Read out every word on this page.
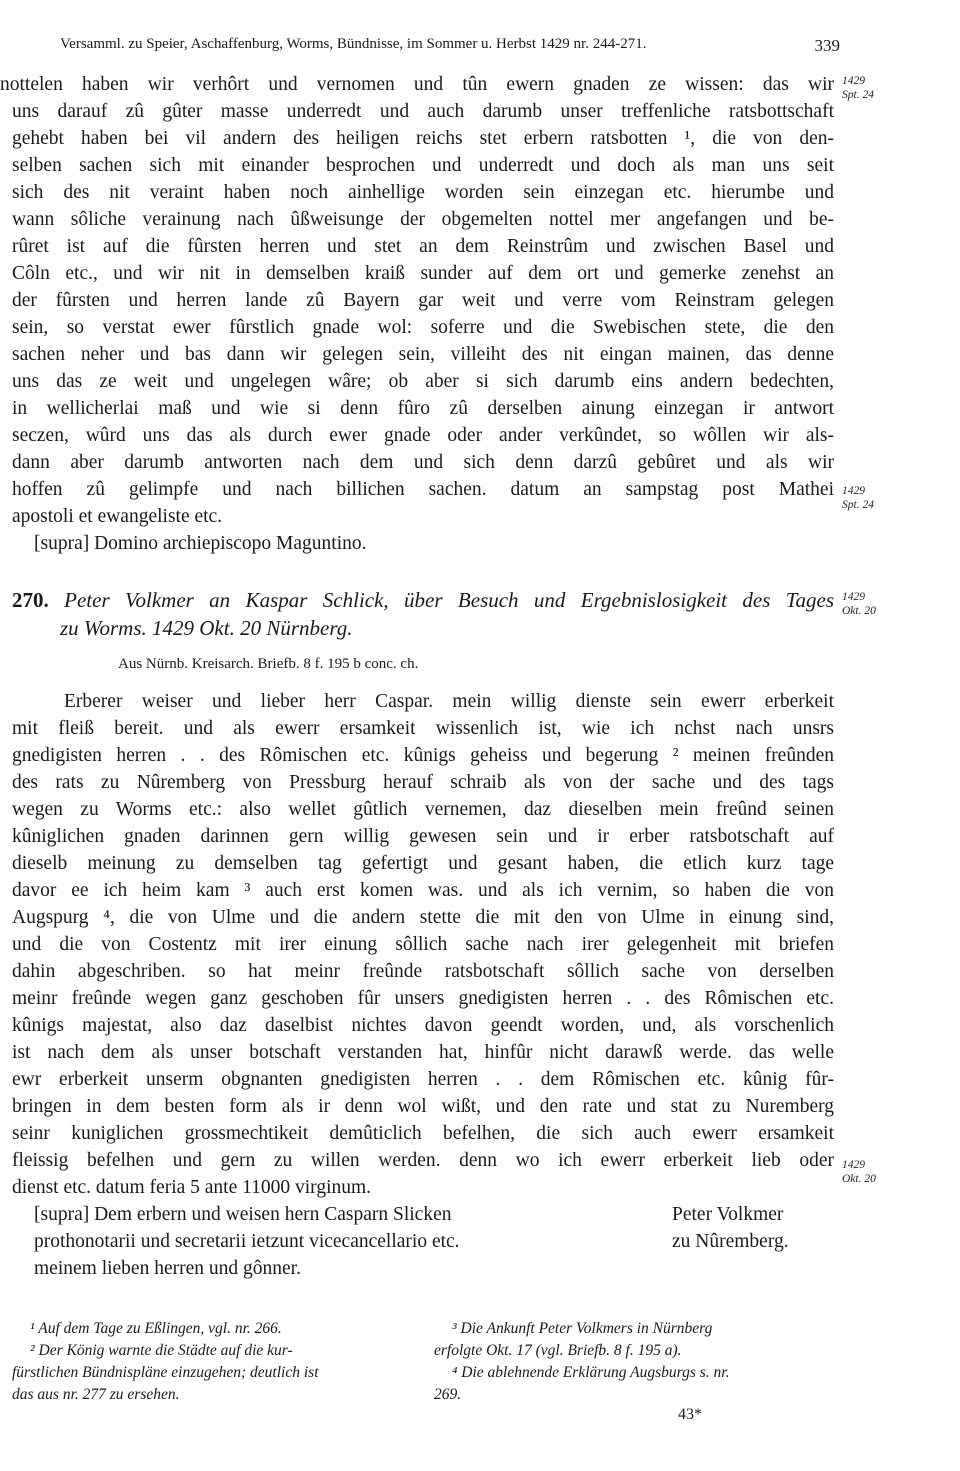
Versamml. zu Speier, Aschaffenburg, Worms, Bündnisse, im Sommer u. Herbst 1429 nr. 244-271.	339
nottelen haben wir verhôrt und vernomen und tûn ewern gnaden ze wissen: das wir
uns darauf zû gûter masse underredt und auch darumb unser treffenliche ratsbottschaft
gehebt haben bei vil andern des heiligen reichs stet erbern ratsbotten ¹, die von den-
selben sachen sich mit einander besprochen und underredt und doch als man uns seit
sich des nit veraint haben noch ainhellige worden sein einzegan etc. hierumbe und
wann sôliche verainung nach ûßweisunge der obgemelten nottel mer angefangen und be-
rûret ist auf die fûrsten herren und stet an dem Reinstrûm und zwischen Basel und
Côln etc., und wir nit in demselben kraiß sunder auf dem ort und gemerke zenehst an
der fûrsten und herren lande zû Bayern gar weit und verre vom Reinstram gelegen
sein, so verstat ewer fûrstlich gnade wol: soferre und die Swebischen stete, die den
sachen neher und bas dann wir gelegen sein, villeiht des nit eingan mainen, das denne
uns das ze weit und ungelegen wâre; ob aber si sich darumb eins andern bedechten,
in wellicherlai maß und wie si denn fûro zû derselben ainung einzegan ir antwort
seczen, wûrd uns das als durch ewer gnade oder ander verkûndet, so wôllen wir als-
dann aber darumb antworten nach dem und sich denn darzû gebûret und als wir
hoffen zû gelimpfe und nach billichen sachen. datum an sampstag post Mathei
apostoli et ewangeliste etc.
[supra] Domino archiepiscopo Maguntino.
1429
Spt. 24
1429
Spt. 24
270. Peter Volkmer an Kaspar Schlick, über Besuch und Ergebnislosigkeit des Tages
zu Worms. 1429 Okt. 20 Nürnberg.
1429
Okt. 20
Aus Nürnb. Kreisarch. Briefb. 8 f. 195 b conc. ch.
Erberer weiser und lieber herr Caspar. mein willig dienste sein ewerr erberkeit
mit fleiß bereit. und als ewerr ersamkeit wissenlich ist, wie ich nchst nach unsrs
gnedigisten herren . . des Rômischen etc. kûnigs geheiss und begerung ² meinen freûnden
des rats zu Nûremberg von Pressburg herauf schraib als von der sache und des tags
wegen zu Worms etc.: also wellet gûtlich vernemen, daz dieselben mein freûnd seinen
kûniglichen gnaden darinnen gern willig gewesen sein und ir erber ratsbotschaft auf
dieselb meinung zu demselben tag gefertigt und gesant haben, die etlich kurz tage
davor ee ich heim kam ³ auch erst komen was. und als ich vernim, so haben die von
Augspurg ⁴, die von Ulme und die andern stette die mit den von Ulme in einung sind,
und die von Costentz mit irer einung sôllich sache nach irer gelegenheit mit briefen
dahin abgeschriben. so hat meinr freûnde ratsbotschaft sôllich sache von derselben
meinr freûnde wegen ganz geschoben fûr unsers gnedigisten herren . . des Rômischen etc.
kûnigs majestat, also daz daselbist nichtes davon geendt worden, und, als vorschenlich
ist nach dem als unser botschaft verstanden hat, hinfûr nicht darawß werde. das welle
ewr erberkeit unserm obgnanten gnedigisten herren . . dem Rômischen etc. kûnig fûr-
bringen in dem besten form als ir denn wol wißt, und den rate und stat zu Nuremberg
seinr kuniglichen grossmechtikeit demûticlich befelhen, die sich auch ewerr ersamkeit
fleissig befelhen und gern zu willen werden. denn wo ich ewerr erberkeit lieb oder
dienst etc. datum feria 5 ante 11000 virginum.
1429
Okt. 20
[supra] Dem erbern und weisen hern Casparn Slicken
prothonotarii und secretarii ietzunt vicecancellario etc.
meinem lieben herren und gônner.
Peter Volkmer
zu Nûremberg.
¹ Auf dem Tage zu Eßlingen, vgl. nr. 266.
² Der König warnte die Städte auf die kur-
fürstlichen Bündnispläne einzugehen; deutlich ist
das aus nr. 277 zu ersehen.
³ Die Ankunft Peter Volkmers in Nürnberg
erfolgte Okt. 17 (vgl. Briefb. 8 f. 195 a).
⁴ Die ablehnende Erklärung Augsburgs s. nr.
269.
43*
